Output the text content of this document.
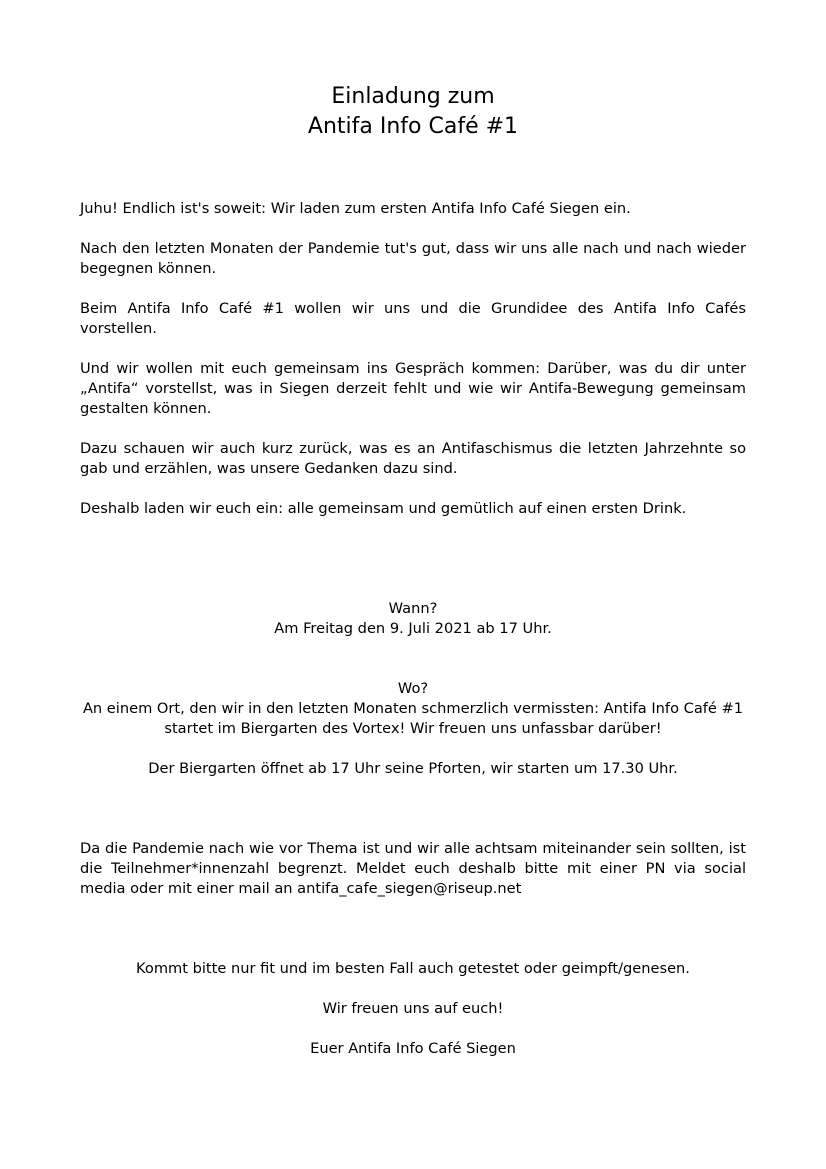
Einladung zum
Antifa Info Café #1

Juhu! Endlich ist's soweit: Wir laden zum ersten Antifa Info Café Siegen ein.

Nach den letzten Monaten der Pandemie tut's gut, dass wir uns alle nach und nach wieder begegnen können.

Beim Antifa Info Café #1 wollen wir uns und die Grundidee des Antifa Info Cafés vorstellen.

Und wir wollen mit euch gemeinsam ins Gespräch kommen: Darüber, was du dir unter „Antifa“ vorstellst, was in Siegen derzeit fehlt und wie wir Antifa-Bewegung gemeinsam gestalten können.

Dazu schauen wir auch kurz zurück, was es an Antifaschismus die letzten Jahrzehnte so gab und erzählen, was unsere Gedanken dazu sind.

Deshalb laden wir euch ein: alle gemeinsam und gemütlich auf einen ersten Drink.

Wann?

Am Freitag den 9. Juli 2021 ab 17 Uhr.

Wo?

An einem Ort, den wir in den letzten Monaten schmerzlich vermissten: Antifa Info Café #1

startet im Biergarten des Vortex! Wir freuen uns unfassbar darüber!

Der Biergarten öffnet ab 17 Uhr seine Pforten, wir starten um 17.30 Uhr.

Da die Pandemie nach wie vor Thema ist und wir alle achtsam miteinander sein sollten, ist die Teilnehmer*innenzahl begrenzt. Meldet euch deshalb bitte mit einer PN via social media oder mit einer mail an antifa_cafe_siegen@riseup.net

Kommt bitte nur fit und im besten Fall auch getestet oder geimpft/genesen.

Wir freuen uns auf euch!

Euer Antifa Info Café Siegen
